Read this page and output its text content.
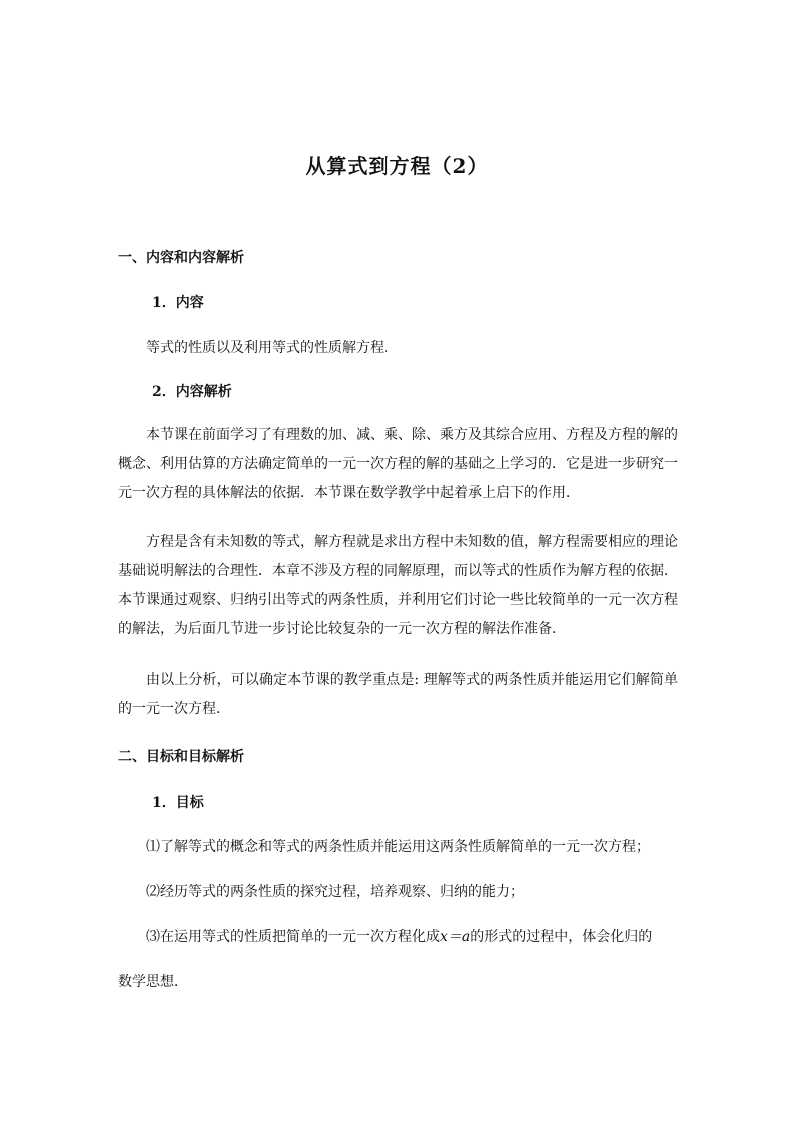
从算式到方程（2）
一、内容和内容解析
1．内容
等式的性质以及利用等式的性质解方程．
2．内容解析
本节课在前面学习了有理数的加、减、乘、除、乘方及其综合应用、方程及方程的解的概念、利用估算的方法确定简单的一元一次方程的解的基础之上学习的．它是进一步研究一元一次方程的具体解法的依据．本节课在数学教学中起着承上启下的作用．
方程是含有未知数的等式，解方程就是求出方程中未知数的值，解方程需要相应的理论基础说明解法的合理性．本章不涉及方程的同解原理，而以等式的性质作为解方程的依据．本节课通过观察、归纳引出等式的两条性质，并利用它们讨论一些比较简单的一元一次方程的解法，为后面几节进一步讨论比较复杂的一元一次方程的解法作准备．
由以上分析，可以确定本节课的教学重点是: 理解等式的两条性质并能运用它们解简单的一元一次方程．
二、目标和目标解析
1．目标
⑴了解等式的概念和等式的两条性质并能运用这两条性质解简单的一元一次方程；
⑵经历等式的两条性质的探究过程，培养观察、归纳的能力；
⑶在运用等式的性质把简单的一元一次方程化成x＝a的形式的过程中，体会化归的
数学思想．
